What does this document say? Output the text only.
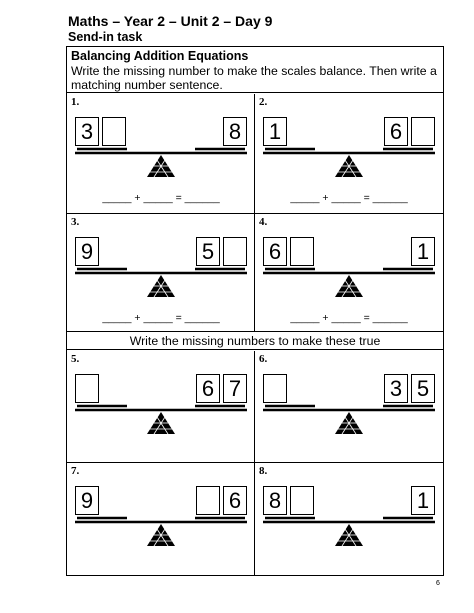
Maths – Year 2 – Unit 2 – Day 9
Send-in task
Balancing Addition Equations
Write the missing number to make the scales balance. Then write a matching number sentence.
1.
3	8
_____ + _____ = ______
2.
1	6
_____ + _____ = ______
3.
9	5
_____ + _____ = ______
4.
6	1
_____ + _____ = ______
5.
6 7
6.
3 5
7.
9	6
8.
8	1
Write the missing numbers to make these true
6
